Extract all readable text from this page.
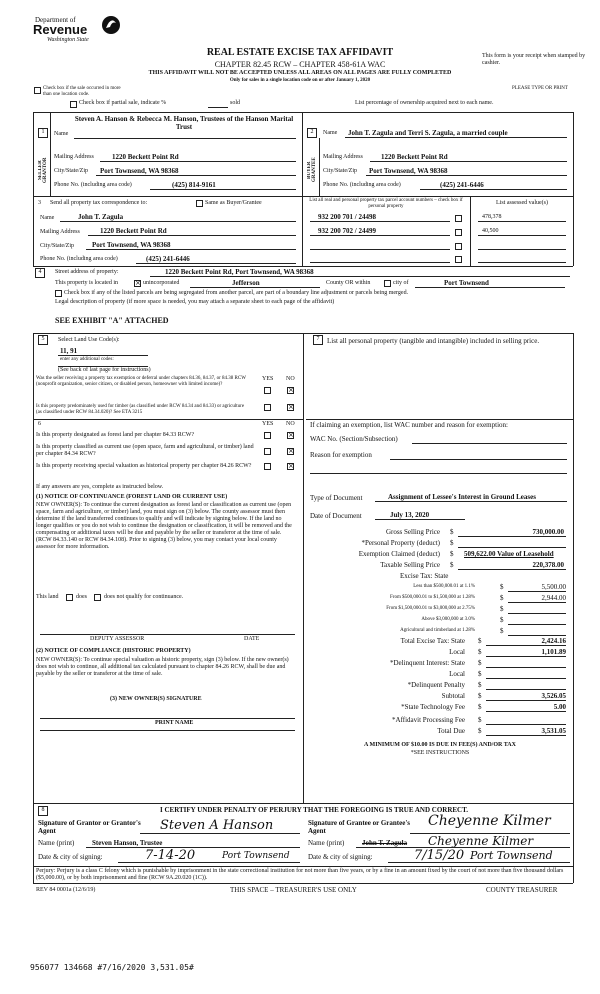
Department of
Revenue
Washington State
REAL ESTATE EXCISE TAX AFFIDAVIT
CHAPTER 82.45 RCW – CHAPTER 458-61A WAC
THIS AFFIDAVIT WILL NOT BE ACCEPTED UNLESS ALL AREAS ON ALL PAGES ARE FULLY COMPLETED
Only for sales in a single location code on or after January 1, 2020
This form is your receipt when stamped by cashier.
PLEASE TYPE OR PRINT
Check box if the sale occurred in more than one location code.
Check box if partial sale, indicate %	sold	List percentage of ownership acquired next to each name.
1
SELLER GRANTOR
Name
Steven A. Hanson & Rebecca M. Hanson, Trustees of the Hanson Marital Trust
Mailing Address	1220 Beckett Point Rd
City/State/Zip Port Townsend, WA 98368
Phone No. (including area code)	(425) 814-9161
2
BUYER GRANTEE
Name John T. Zagula and Terri S. Zagula, a married couple
Mailing Address	1220 Beckett Point Rd
City/State/Zip Port Townsend, WA 98368
Phone No. (including area code)	(425) 241-6446
3 Send all property tax correspondence to:	Same as Buyer/Grantee
Name	John T. Zagula
Mailing Address	1220 Beckett Point Rd
City/State/Zip	Port Townsend, WA 98368
Phone No. (including area code)	(425) 241-6446
List all real and personal property tax parcel account numbers – check box if personal property
List assessed value(s)
932 200 701 / 24498	478,378
932 200 702 / 24499	40,500
4	Street address of property:	1220 Beckett Point Rd, Port Townsend, WA 98368
This property is located in × unincorporated	Jefferson	County OR within	city of	Port Townsend
Check box if any of the listed parcels are being segregated from another parcel, are part of a boundary line adjustment or parcels being merged.
Legal description of property (if more space is needed, you may attach a separate sheet to each page of the affidavit)
SEE EXHIBIT "A" ATTACHED
5	Select Land Use Code(s):
11, 91
enter any additional codes:
(See back of last page for instructions)
YES NO
Was the seller receiving a property tax exemption or deferral under chapters 84.36, 84.37, or 84.38 RCW (nonprofit organization, senior citizen, or disabled person, homeowner with limited income)?
×
Is this property predominately used for timber (as classified under RCW 84.34 and 84.33) or agriculture (as classified under RCW 84.34.020)? See ETA 3215
×
6	YES NO
Is this property designated as forest land per chapter 84.33 RCW?	×
Is this property classified as current use (open space, farm and agricultural, or timber) land per chapter 84.34 RCW?	×
Is this property receiving special valuation as historical property per chapter 84.26 RCW?	×
If any answers are yes, complete as instructed below.
(1) NOTICE OF CONTINUANCE (FOREST LAND OR CURRENT USE)
NEW OWNER(S): To continue the current designation as forest land or classification as current use (open space, farm and agriculture, or timber) land, you must sign on (3) below. The county assessor must then determine if the land transferred continues to qualify and will indicate by signing below. If the land no longer qualifies or you do not wish to continue the designation or classification, it will be removed and the compensating or additional taxes will be due and payable by the seller or transferor at the time of sale. (RCW 84.33.140 or RCW 84.34.108). Prior to signing (3) below, you may contact your local county assessor for more information.
This land	does	does not qualify for continuance.
DEPUTY ASSESSOR	DATE
(2) NOTICE OF COMPLIANCE (HISTORIC PROPERTY)
NEW OWNER(S): To continue special valuation as historic property, sign (3) below. If the new owner(s) does not wish to continue, all additional tax calculated pursuant to chapter 84.26 RCW, shall be due and payable by the seller or transferor at the time of sale.
(3) NEW OWNER(S) SIGNATURE
PRINT NAME
7	List all personal property (tangible and intangible) included in selling price.
If claiming an exemption, list WAC number and reason for exemption:
WAC No. (Section/Subsection)
Reason for exemption
Type of Document	Assignment of Lessee's Interest in Ground Leases
Date of Document	July 13, 2020
Gross Selling Price $	730,000.00
*Personal Property (deduct) $
Exemption Claimed (deduct) $ 509,622.00 Value of Leasehold
Taxable Selling Price $	220,378.00
Excise Tax: State
Less than $500,000.01 at 1.1%	$	5,500.00
From $500,000.01 to $1,500,000 at 1.28%	$	2,944.00
From $1,500,000.01 to $3,000,000 at 2.75%	$
Above $3,000,000 at 3.0%	$
Agricultural and timberland at 1.28%	$
Total Excise Tax: State $	2,424.16
Local $	1,101.89
*Delinquent Interest: State $
Local $
*Delinquent Penalty $
Subtotal $	3,526.05
*State Technology Fee $	5.00
*Affidavit Processing Fee $
Total Due $	3,531.05
A MINIMUM OF $10.00 IS DUE IN FEE(S) AND/OR TAX
*SEE INSTRUCTIONS
8	I CERTIFY UNDER PENALTY OF PERJURY THAT THE FOREGOING IS TRUE AND CORRECT.
Signature of Grantor or Grantor's Agent	Steven A Hanson
Name (print)	Steven Hanson, Trustee
Date & city of signing:	7-14-20	Port Townsend
Signature of Grantee or Grantee's Agent
Cheyenne Kilmer
Name (print)	John T. Zagula Cheyenne Kilmer
Date & city of signing:	7/15/20 Port Townsend
Perjury: Perjury is a class C felony which is punishable by imprisonment in the state correctional institution for not more than five years, or by a fine in an amount fixed by the court of not more than five thousand dollars ($5,000.00), or by both imprisonment and fine (RCW 9A.20.020 (1C)).
REV 84 0001a (12/6/19)	THIS SPACE – TREASURER'S USE ONLY	COUNTY TREASURER
956077 134668 #7/16/2020 3,531.05#
